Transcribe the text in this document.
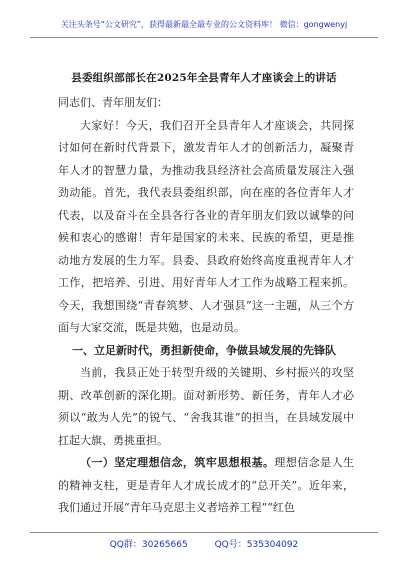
关注头条号“公文研究”，获得最新最全最专业的公文资料库！ 微信：gongwenyj
县委组织部部长在2025年全县青年人才座谈会上的讲话

同志们、青年朋友们：

大家好！今天，我们召开全县青年人才座谈会，共同探讨如何在新时代背景下，激发青年人才的创新活力，凝聚青年人才的智慧力量，为推动我县经济社会高质量发展注入强劲动能。首先，我代表县委组织部，向在座的各位青年人才代表，以及奋斗在全县各行各业的青年朋友们致以诚挚的问候和衷心的感谢！青年是国家的未来、民族的希望，更是推动地方发展的生力军。县委、县政府始终高度重视青年人才工作，把培养、引进、用好青年人才工作为战略工程来抓。今天，我想围绕“青春筑梦、人才强县”这一主题，从三个方面与大家交流，既是共勉，也是动员。

一、立足新时代，勇担新使命，争做县域发展的先锋队

当前，我县正处于转型升级的关键期、乡村振兴的攻坚期、改革创新的深化期。面对新形势、新任务，青年人才必须以“敢为人先”的锐气、“舍我其谁”的担当，在县域发展中扛起大旗、勇挑重担。

（一）坚定理想信念，筑牢思想根基。理想信念是人生的精神支柱，更是青年人才成长成才的“总开关”。近年来，我们通过开展“青年马克思主义者培养工程”“红色

QQ群：30265665	QQ号：535304092
